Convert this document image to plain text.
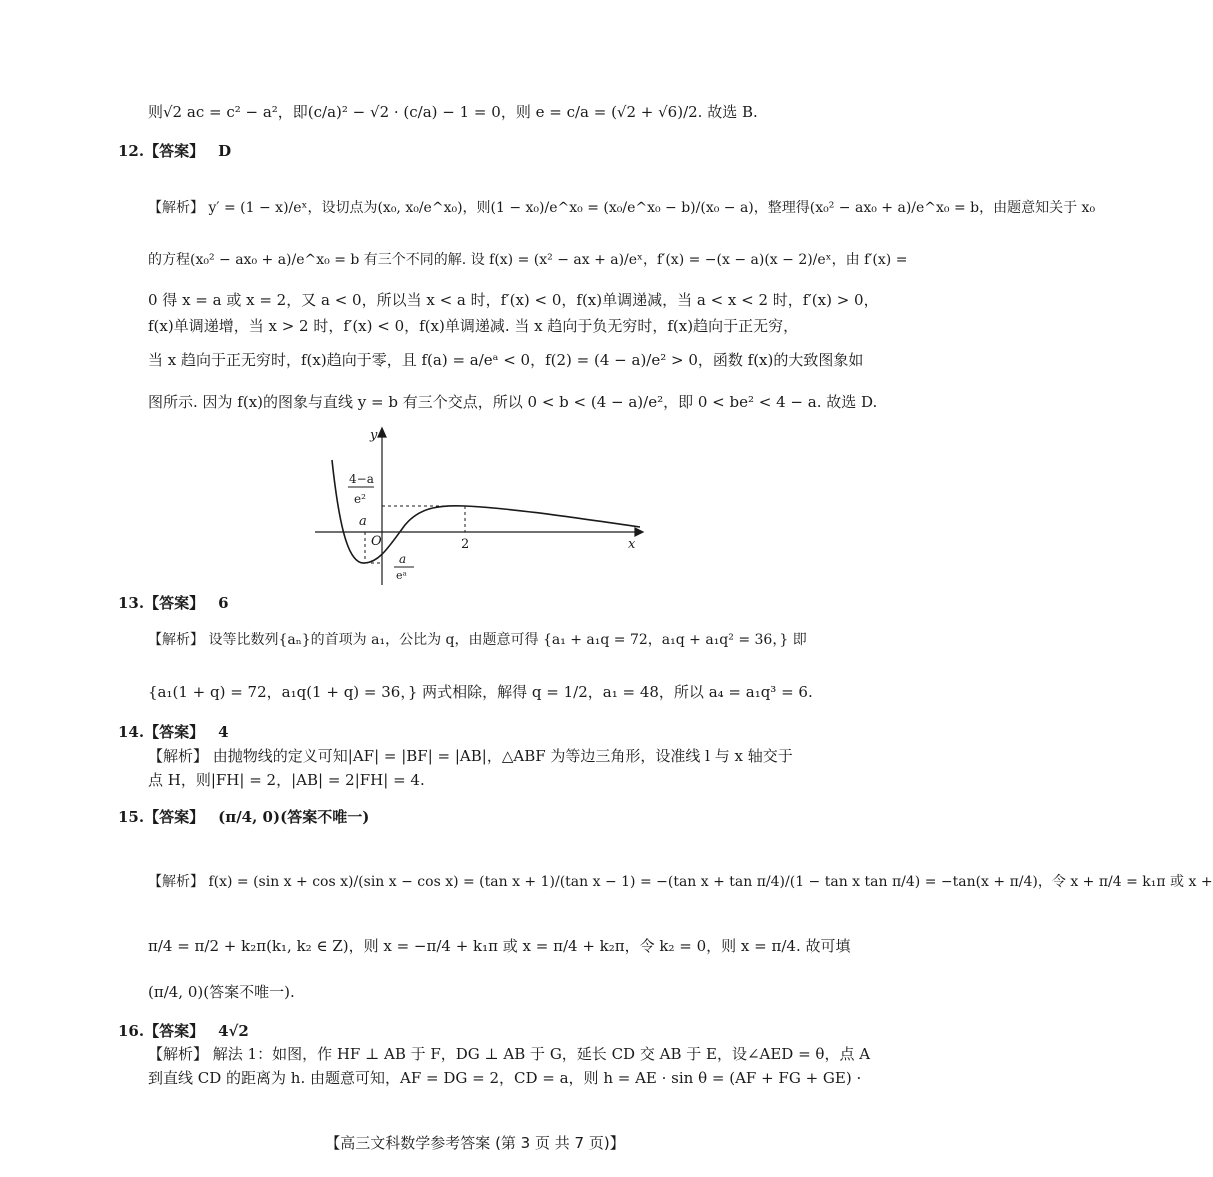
则√2 ac = c² − a²，即(c/a)² − √2 · (c/a) − 1 = 0，则 e = c/a = (√2 + √6)/2. 故选 B.
12.【答案】 D
【解析】 y′ = (1 − x)/eˣ，设切点为(x₀, x₀/e^x₀)，则(1 − x₀)/e^x₀ = (x₀/e^x₀ − b)/(x₀ − a)，整理得(x₀² − ax₀ + a)/e^x₀ = b，由题意知关于 x₀
的方程(x₀² − ax₀ + a)/e^x₀ = b 有三个不同的解. 设 f(x) = (x² − ax + a)/eˣ，f′(x) = −(x − a)(x − 2)/eˣ，由 f′(x) =
0 得 x = a 或 x = 2，又 a < 0，所以当 x < a 时，f′(x) < 0，f(x)单调递减，当 a < x < 2 时，f′(x) > 0，
f(x)单调递增，当 x > 2 时，f′(x) < 0，f(x)单调递减. 当 x 趋向于负无穷时，f(x)趋向于正无穷，
当 x 趋向于正无穷时，f(x)趋向于零，且 f(a) = a/eᵃ < 0，f(2) = (4 − a)/e² > 0，函数 f(x)的大致图象如
图所示. 因为 f(x)的图象与直线 y = b 有三个交点，所以 0 < b < (4 − a)/e²，即 0 < be² < 4 − a. 故选 D.
y
x
O	2
4−a
e²
a
a
eᵃ
13.【答案】 6
【解析】 设等比数列{aₙ}的首项为 a₁，公比为 q，由题意可得 {a₁ + a₁q = 72，a₁q + a₁q² = 36，} 即
{a₁(1 + q) = 72，a₁q(1 + q) = 36，} 两式相除，解得 q = 1/2，a₁ = 48，所以 a₄ = a₁q³ = 6.
14.【答案】 4
【解析】 由抛物线的定义可知|AF| = |BF| = |AB|，△ABF 为等边三角形，设准线 l 与 x 轴交于
点 H，则|FH| = 2，|AB| = 2|FH| = 4.
15.【答案】 (π/4, 0)(答案不唯一)
【解析】 f(x) = (sin x + cos x)/(sin x − cos x) = (tan x + 1)/(tan x − 1) = −(tan x + tan π/4)/(1 − tan x tan π/4) = −tan(x + π/4)，令 x + π/4 = k₁π 或 x +
π/4 = π/2 + k₂π(k₁, k₂ ∈ Z)，则 x = −π/4 + k₁π 或 x = π/4 + k₂π，令 k₂ = 0，则 x = π/4. 故可填
(π/4, 0)(答案不唯一).
16.【答案】 4√2
【解析】 解法 1：如图，作 HF ⊥ AB 于 F，DG ⊥ AB 于 G，延长 CD 交 AB 于 E，设∠AED = θ，点 A
到直线 CD 的距离为 h. 由题意可知，AF = DG = 2，CD = a，则 h = AE · sin θ = (AF + FG + GE) ·
【高三文科数学参考答案 (第 3 页 共 7 页)】
